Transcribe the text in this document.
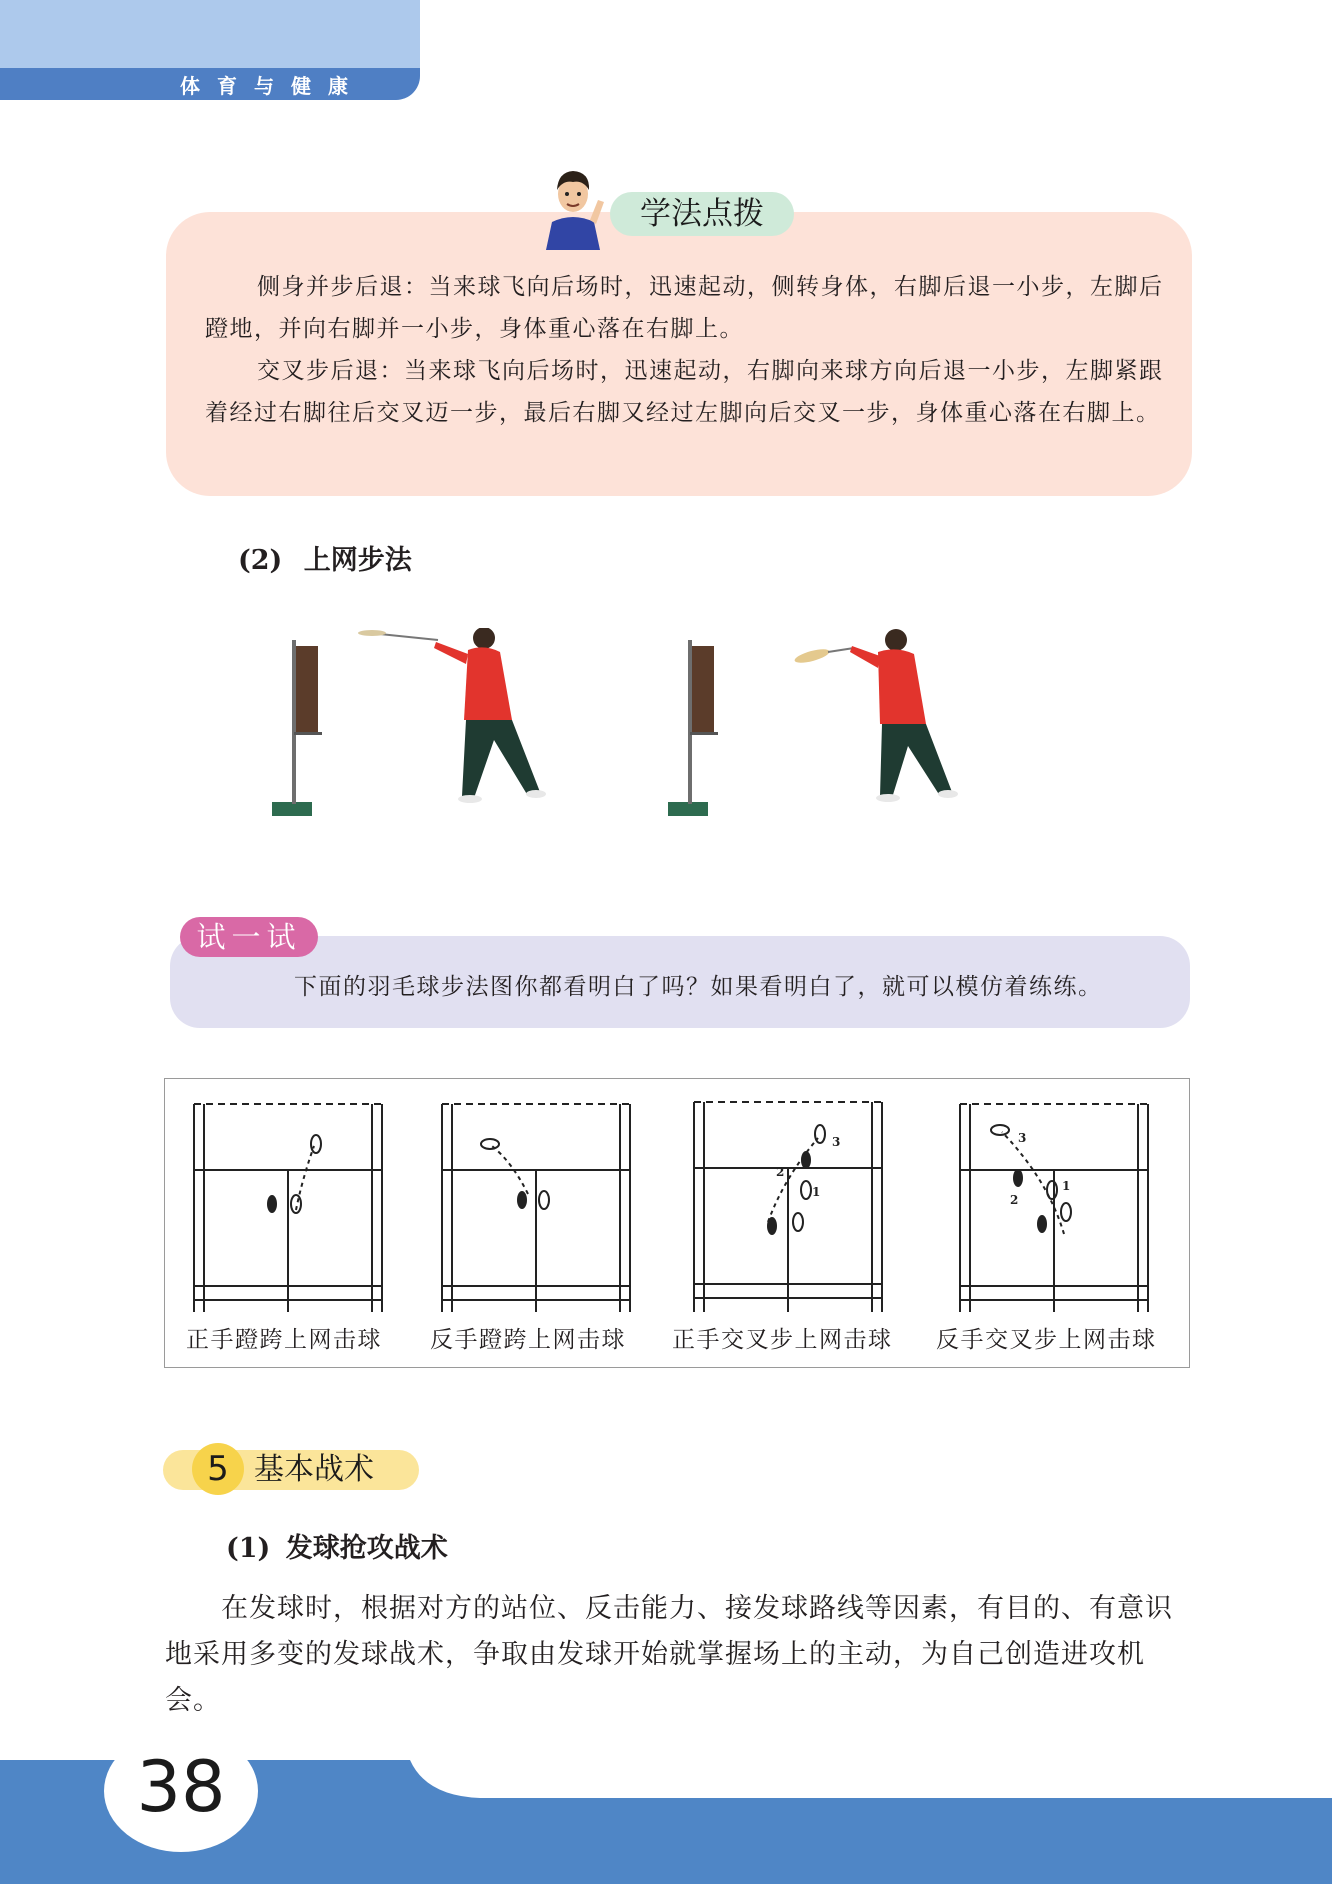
体育与健康
学法点拨

侧身并步后退：当来球飞向后场时，迅速起动，侧转身体，右脚后退一小步，左脚后蹬地，并向右脚并一小步，身体重心落在右脚上。

交叉步后退：当来球飞向后场时，迅速起动，右脚向来球方向后退一小步，左脚紧跟着经过右脚往后交叉迈一步，最后右脚又经过左脚向后交叉一步，身体重心落在右脚上。

(2) 上网步法

试一试

下面的羽毛球步法图你都看明白了吗？如果看明白了，就可以模仿着练练。

1
2
3
1
2
3
正手蹬跨上网击球 反手蹬跨上网击球 正手交叉步上网击球 反手交叉步上网击球
5 基本战术

(1) 发球抢攻战术

在发球时，根据对方的站位、反击能力、接发球路线等因素，有目的、有意识地采用多变的发球战术，争取由发球开始就掌握场上的主动，为自己创造进攻机会。

38
